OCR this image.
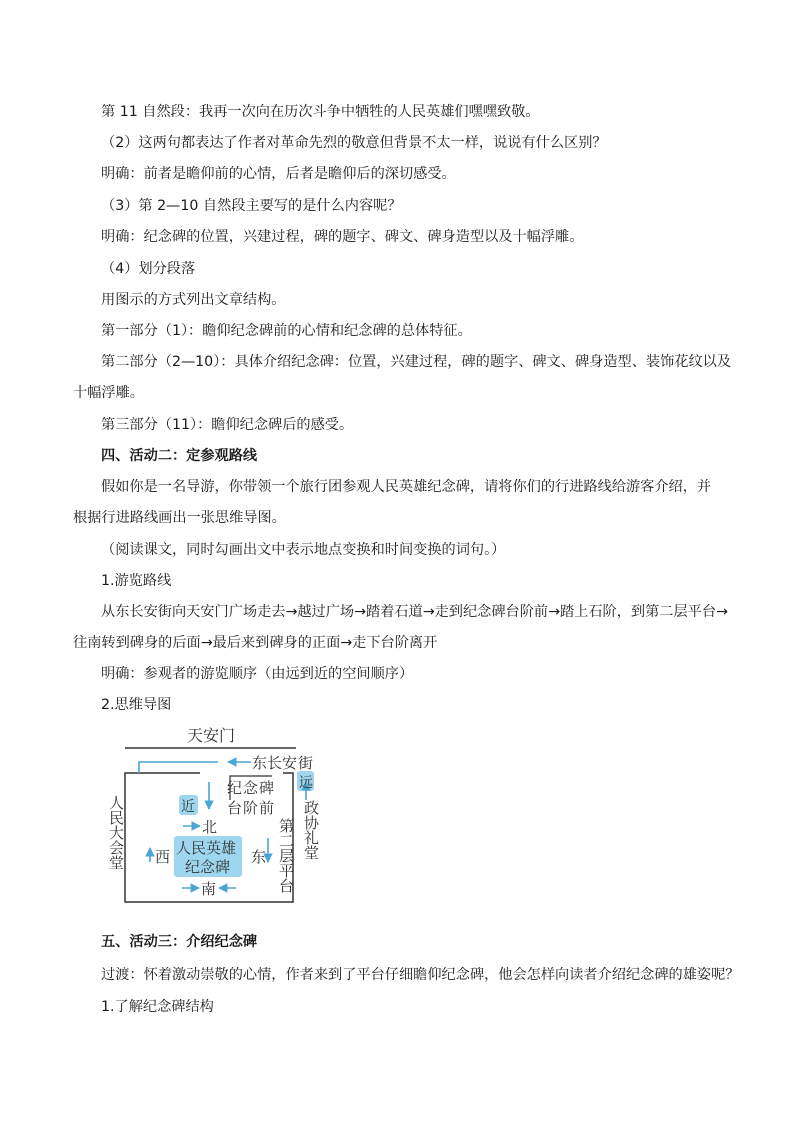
第 11 自然段：我再一次向在历次斗争中牺牲的人民英雄们嘿嘿致敬。
（2）这两句都表达了作者对革命先烈的敬意但背景不太一样，说说有什么区别？
明确：前者是瞻仰前的心情，后者是瞻仰后的深切感受。
（3）第 2—10 自然段主要写的是什么内容呢？
明确：纪念碑的位置，兴建过程，碑的题字、碑文、碑身造型以及十幅浮雕。
（4）划分段落
用图示的方式列出文章结构。
第一部分（1）：瞻仰纪念碑前的心情和纪念碑的总体特征。
第二部分（2—10）：具体介绍纪念碑：位置，兴建过程，碑的题字、碑文、碑身造型、装饰花纹以及
十幅浮雕。
第三部分（11）：瞻仰纪念碑后的感受。
四、活动二：定参观路线
假如你是一名导游，你带领一个旅行团参观人民英雄纪念碑，请将你们的行进路线给游客介绍，并
根据行进路线画出一张思维导图。
（阅读课文，同时勾画出文中表示地点变换和时间变换的词句。）
1.游览路线
从东长安街向天安门广场走去→越过广场→踏着石道→走到纪念碑台阶前→踏上石阶，到第二层平台→
往南转到碑身的后面→最后来到碑身的正面→走下台阶离开
明确：参观者的游览顺序（由远到近的空间顺序）
2.思维导图
天安门
东长安 街
远
近
北
西	东
南
纪念碑
台阶前
人民英雄
纪念碑	第二层平台
人民大会堂	政协礼堂
五、活动三：介绍纪念碑
过渡：怀着激动崇敬的心情，作者来到了平台仔细瞻仰纪念碑，他会怎样向读者介绍纪念碑的雄姿呢？
1.了解纪念碑结构
